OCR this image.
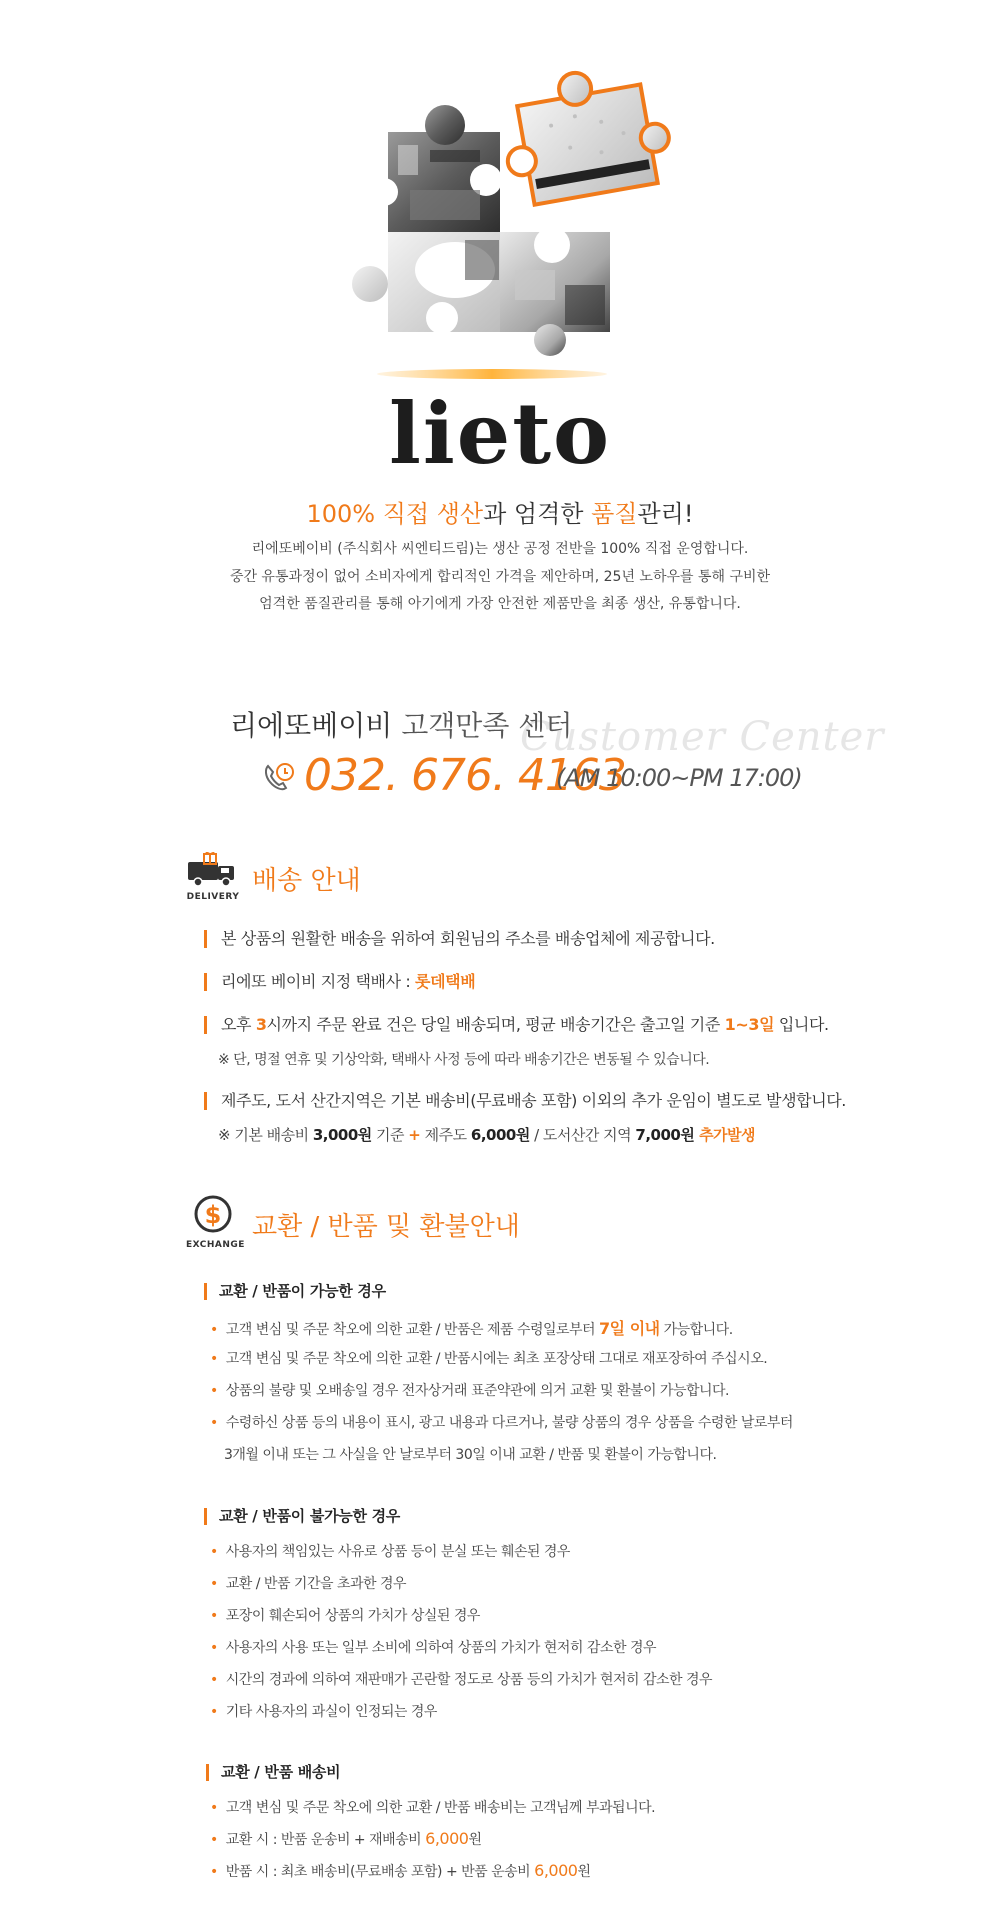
lieto
100% 직접 생산과 엄격한 품질관리!
리에또베이비 (주식회사 씨엔티드림)는 생산 공정 전반을 100% 직접 운영합니다.
중간 유통과정이 없어 소비자에게 합리적인 가격을 제안하며, 25년 노하우를 통해 구비한
엄격한 품질관리를 통해 아기에게 가장 안전한 제품만을 최종 생산, 유통합니다.
Customer Center
리에또베이비 고객만족 센터
032. 676. 4163
(AM 10:00~PM 17:00)
DELIVERY
배송 안내
본 상품의 원활한 배송을 위하여 회원님의 주소를 배송업체에 제공합니다.
리에또 베이비 지정 택배사 : 롯데택배
오후 3시까지 주문 완료 건은 당일 배송되며, 평균 배송기간은 출고일 기준 1~3일 입니다.
※ 단, 명절 연휴 및 기상악화, 택배사 사정 등에 따라 배송기간은 변동될 수 있습니다.
제주도, 도서 산간지역은 기본 배송비(무료배송 포함) 이외의 추가 운임이 별도로 발생합니다.
※ 기본 배송비 3,000원 기준 + 제주도 6,000원 / 도서산간 지역 7,000원 추가발생
$
EXCHANGE
교환 / 반품 및 환불안내
교환 / 반품이 가능한 경우
• 고객 변심 및 주문 착오에 의한 교환 / 반품은 제품 수령일로부터 7일 이내 가능합니다.
• 고객 변심 및 주문 착오에 의한 교환 / 반품시에는 최초 포장상태 그대로 재포장하여 주십시오.
• 상품의 불량 및 오배송일 경우 전자상거래 표준약관에 의거 교환 및 환불이 가능합니다.
• 수령하신 상품 등의 내용이 표시, 광고 내용과 다르거나, 불량 상품의 경우 상품을 수령한 날로부터
3개월 이내 또는 그 사실을 안 날로부터 30일 이내 교환 / 반품 및 환불이 가능합니다.
교환 / 반품이 불가능한 경우
• 사용자의 책임있는 사유로 상품 등이 분실 또는 훼손된 경우
• 교환 / 반품 기간을 초과한 경우
• 포장이 훼손되어 상품의 가치가 상실된 경우
• 사용자의 사용 또는 일부 소비에 의하여 상품의 가치가 현저히 감소한 경우
• 시간의 경과에 의하여 재판매가 곤란할 정도로 상품 등의 가치가 현저히 감소한 경우
• 기타 사용자의 과실이 인정되는 경우
교환 / 반품 배송비
• 고객 변심 및 주문 착오에 의한 교환 / 반품 배송비는 고객님께 부과됩니다.
• 교환 시 : 반품 운송비 + 재배송비 6,000원
• 반품 시 : 최초 배송비(무료배송 포함) + 반품 운송비 6,000원
